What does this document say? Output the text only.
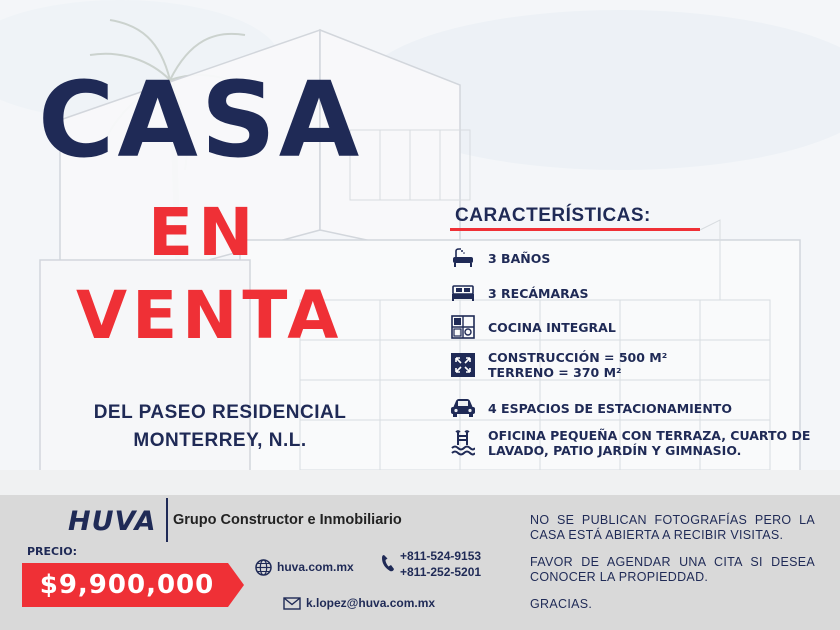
CASA
EN
VENTA
DEL PASEO RESIDENCIAL
MONTERREY, N.L.
CARACTERÍSTICAS:
3 BAÑOS
3 RECÁMARAS
COCINA INTEGRAL
CONSTRUCCIÓN = 500 M²
TERRENO = 370 M²
4 ESPACIOS DE ESTACIONAMIENTO
OFICINA PEQUEÑA CON TERRAZA, CUARTO DE
LAVADO, PATIO JARDÍN Y GIMNASIO.
HUVA Grupo Constructor e Inmobiliario
PRECIO:
$9,900,000
huva.com.mx
+811-524-9153
+811-252-5201
k.lopez@huva.com.mx

NO SE PUBLICAN FOTOGRAFÍAS PERO LA CASA ESTÁ ABIERTA A RECIBIR VISITAS.

FAVOR DE AGENDAR UNA CITA SI DESEA CONOCER LA PROPIEDDAD.

GRACIAS.
